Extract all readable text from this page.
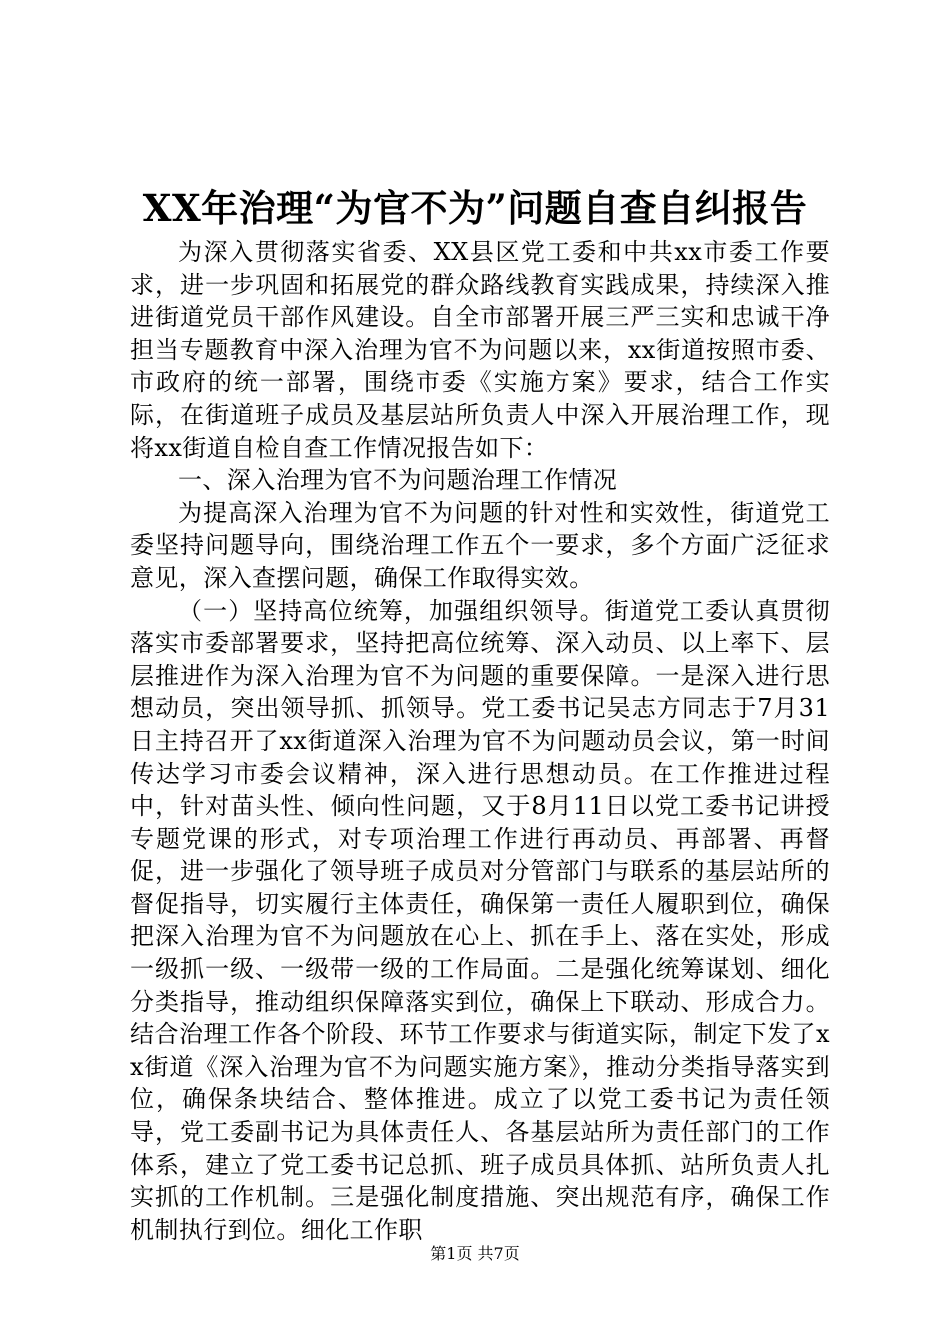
XX年治理“为官不为”问题自查自纠报告

为深入贯彻落实省委、XX县区党工委和中共xx市委工作要求，进一步巩固和拓展党的群众路线教育实践成果，持续深入推进街道党员干部作风建设。自全市部署开展三严三实和忠诚干净担当专题教育中深入治理为官不为问题以来，xx街道按照市委、市政府的统一部署，围绕市委《实施方案》要求，结合工作实际，在街道班子成员及基层站所负责人中深入开展治理工作，现将xx街道自检自查工作情况报告如下：

一、深入治理为官不为问题治理工作情况

为提高深入治理为官不为问题的针对性和实效性，街道党工委坚持问题导向，围绕治理工作五个一要求，多个方面广泛征求意见，深入查摆问题，确保工作取得实效。

（一）坚持高位统筹，加强组织领导。街道党工委认真贯彻落实市委部署要求，坚持把高位统筹、深入动员、以上率下、层层推进作为深入治理为官不为问题的重要保障。一是深入进行思想动员，突出领导抓、抓领导。党工委书记吴志方同志于7月31日主持召开了xx街道深入治理为官不为问题动员会议，第一时间传达学习市委会议精神，深入进行思想动员。在工作推进过程中，针对苗头性、倾向性问题，又于8月11日以党工委书记讲授专题党课的形式，对专项治理工作进行再动员、再部署、再督促，进一步强化了领导班子成员对分管部门与联系的基层站所的督促指导，切实履行主体责任，确保第一责任人履职到位，确保把深入治理为官不为问题放在心上、抓在手上、落在实处，形成一级抓一级、一级带一级的工作局面。二是强化统筹谋划、细化分类指导，推动组织保障落实到位，确保上下联动、形成合力。结合治理工作各个阶段、环节工作要求与街道实际，制定下发了xx街道《深入治理为官不为问题实施方案》，推动分类指导落实到位，确保条块结合、整体推进。成立了以党工委书记为责任领导，党工委副书记为具体责任人、各基层站所为责任部门的工作体系，建立了党工委书记总抓、班子成员具体抓、站所负责人扎实抓的工作机制。三是强化制度措施、突出规范有序，确保工作机制执行到位。细化工作职

第1页 共7页
